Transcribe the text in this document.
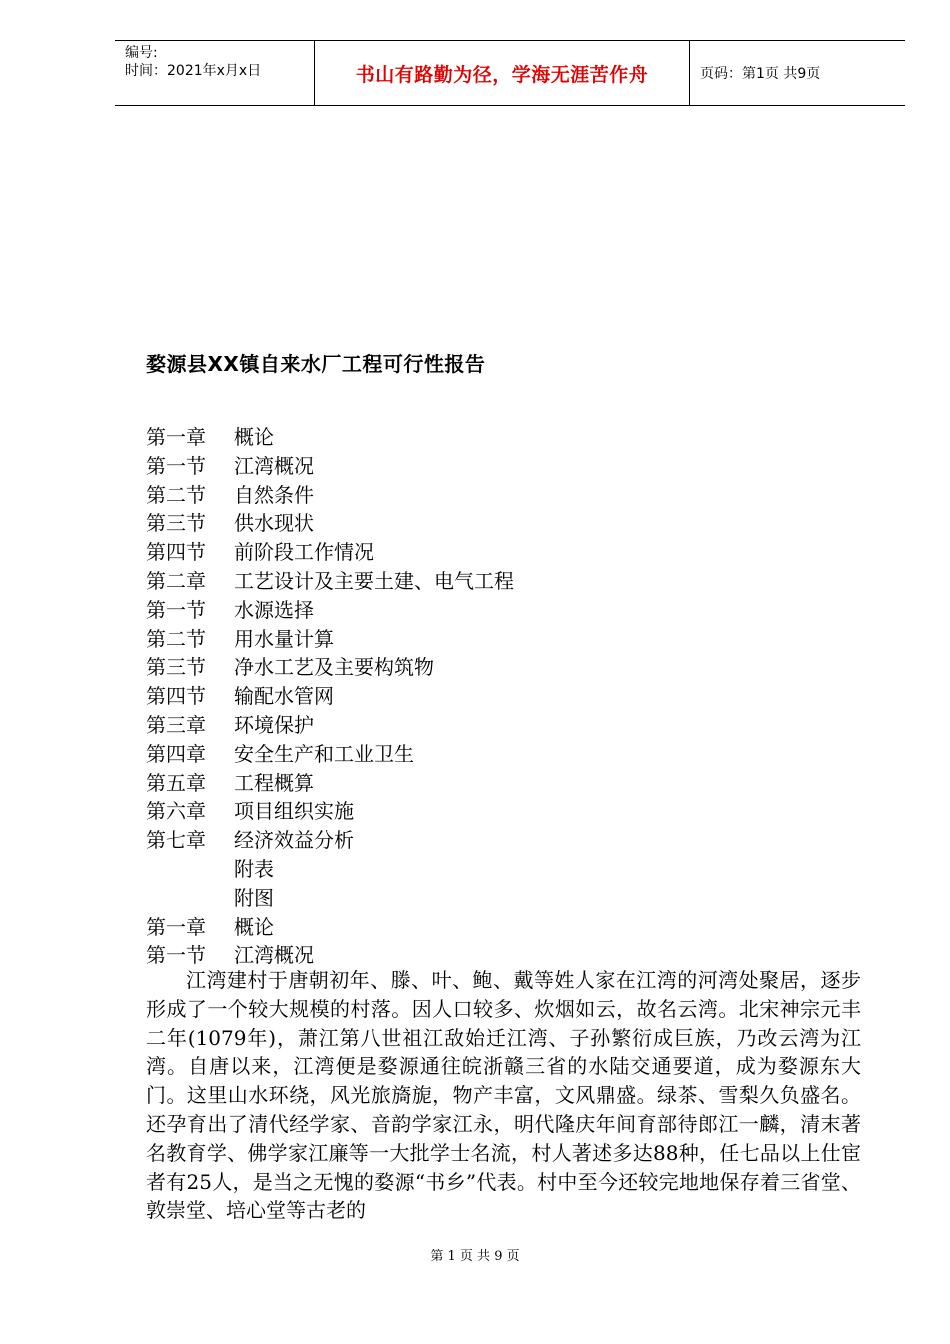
编号:
时间：2021年x月x日	书山有路勤为径，学海无涯苦作舟	页码：第1页 共9页
婺源县XX镇自来水厂工程可行性报告
第一章	概论
第一节	江湾概况
第二节	自然条件
第三节	供水现状
第四节	前阶段工作情况
第二章	工艺设计及主要土建、电气工程
第一节	水源选择
第二节	用水量计算
第三节	净水工艺及主要构筑物
第四节	输配水管网
第三章	环境保护
第四章	安全生产和工业卫生
第五章	工程概算
第六章	项目组织实施
第七章	经济效益分析
附表
附图
第一章	概论
第一节	江湾概况
江湾建村于唐朝初年、滕、叶、鲍、戴等姓人家在江湾的河湾处聚居，逐步形成了一个较大规模的村落。因人口较多、炊烟如云，故名云湾。北宋神宗元丰二年(1079年)，萧江第八世祖江敌始迁江湾、子孙繁衍成巨族，乃改云湾为江湾。自唐以来，江湾便是婺源通往皖浙赣三省的水陆交通要道，成为婺源东大门。这里山水环绕，风光旅旖旎，物产丰富，文风鼎盛。绿茶、雪梨久负盛名。还孕育出了清代经学家、音韵学家江永，明代隆庆年间育部待郎江一麟，清末著名教育学、佛学家江廉等一大批学士名流，村人著述多达88种，任七品以上仕宦者有25人，是当之无愧的婺源“书乡”代表。村中至今还较完地地保存着三省堂、敦崇堂、培心堂等古老的
第 1 页 共 9 页
